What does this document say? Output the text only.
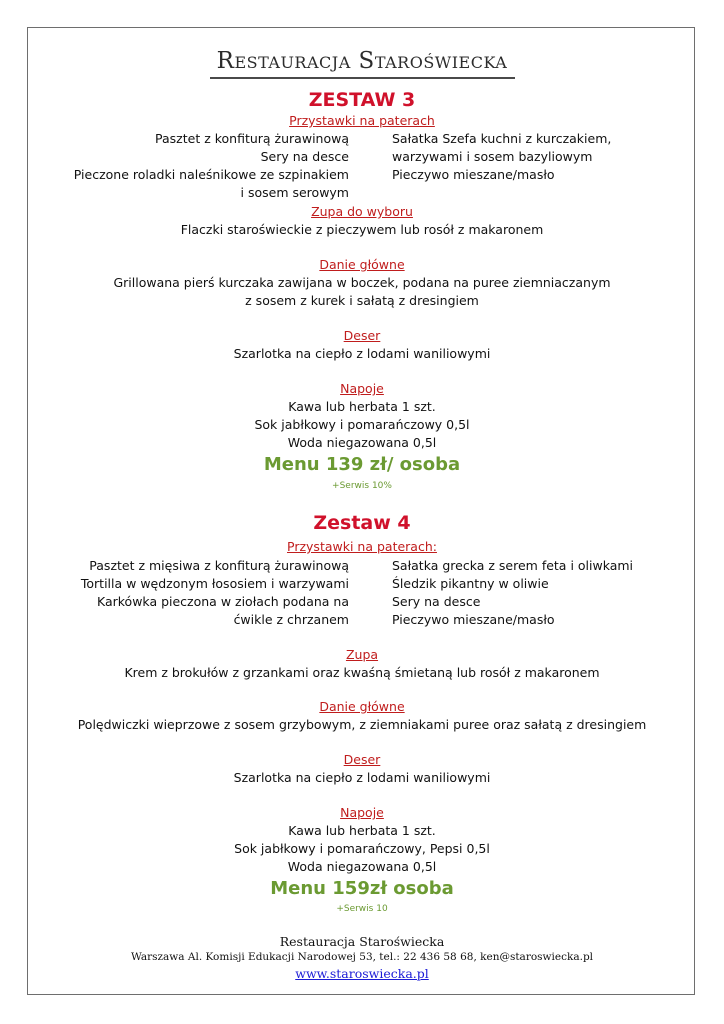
Restauracja Staroświecka
ZESTAW 3
Przystawki na paterach
Pasztet z konfiturą żurawinową
Sery na desce
Pieczone roladki naleśnikowe ze szpinakiem
i sosem serowym
Sałatka Szefa kuchni z kurczakiem,
warzywami i sosem bazyliowym
Pieczywo mieszane/masło
Zupa do wyboru
Flaczki staroświeckie z pieczywem lub rosół z makaronem
Danie główne
Grillowana pierś kurczaka zawijana w boczek, podana na puree ziemniaczanym
z sosem z kurek i sałatą z dresingiem
Deser
Szarlotka na ciepło z lodami waniliowymi
Napoje
Kawa lub herbata 1 szt.
Sok jabłkowy i pomarańczowy 0,5l
Woda niegazowana 0,5l
Menu 139 zł/ osoba
+Serwis 10%
Zestaw 4
Przystawki na paterach:
Pasztet z mięsiwa z konfiturą żurawinową
Tortilla w wędzonym łososiem i warzywami
Karkówka pieczona w ziołach podana na
ćwikle z chrzanem
Sałatka grecka z serem feta i oliwkami
Śledzik pikantny w oliwie
Sery na desce
Pieczywo mieszane/masło
Zupa
Krem z brokułów z grzankami oraz kwaśną śmietaną lub rosół z makaronem
Danie główne
Polędwiczki wieprzowe z sosem grzybowym, z ziemniakami puree oraz sałatą z dresingiem
Deser
Szarlotka na ciepło z lodami waniliowymi
Napoje
Kawa lub herbata 1 szt.
Sok jabłkowy i pomarańczowy, Pepsi 0,5l
Woda niegazowana 0,5l
Menu 159zł osoba
+Serwis 10
Restauracja Staroświecka
Warszawa Al. Komisji Edukacji Narodowej 53, tel.: 22 436 58 68, ken@staroswiecka.pl
www.staroswiecka.pl
